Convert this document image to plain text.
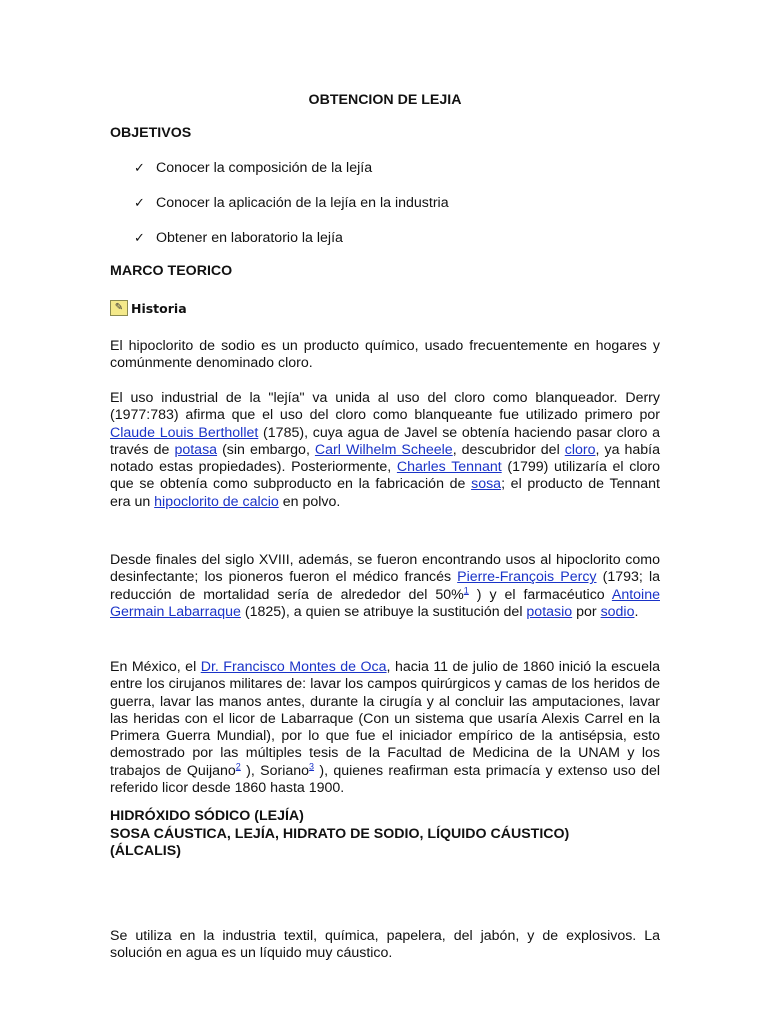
OBTENCION DE LEJIA
OBJETIVOS
✓ Conocer la composición de la lejía
✓ Conocer la aplicación de la lejía en la industria
✓ Obtener en laboratorio la lejía
MARCO TEORICO
✎ Historia

El hipoclorito de sodio es un producto químico, usado frecuentemente en hogares y comúnmente denominado cloro.

El uso industrial de la "lejía" va unida al uso del cloro como blanqueador. Derry (1977:783) afirma que el uso del cloro como blanqueante fue utilizado primero por Claude Louis Berthollet (1785), cuya agua de Javel se obtenía haciendo pasar cloro a través de potasa (sin embargo, Carl Wilhelm Scheele, descubridor del cloro, ya había notado estas propiedades). Posteriormente, Charles Tennant (1799) utilizaría el cloro que se obtenía como subproducto en la fabricación de sosa; el producto de Tennant era un hipoclorito de calcio en polvo.

Desde finales del siglo XVIII, además, se fueron encontrando usos al hipoclorito como desinfectante; los pioneros fueron el médico francés Pierre-François Percy (1793; la reducción de mortalidad sería de alrededor del 50%$^1$ ) y el farmacéutico Antoine Germain Labarraque (1825), a quien se atribuye la sustitución del potasio por sodio.

En México, el Dr. Francisco Montes de Oca, hacia 11 de julio de 1860 inició la escuela entre los cirujanos militares de: lavar los campos quirúrgicos y camas de los heridos de guerra, lavar las manos antes, durante la cirugía y al concluir las amputaciones, lavar las heridas con el licor de Labarraque (Con un sistema que usaría Alexis Carrel en la Primera Guerra Mundial), por lo que fue el iniciador empírico de la antisépsia, esto demostrado por las múltiples tesis de la Facultad de Medicina de la UNAM y los trabajos de Quijano$^2$ ), Soriano$^3$ ), quienes reafirman esta primacía y extenso uso del referido licor desde 1860 hasta 1900.

HIDRÓXIDO SÓDICO (LEJÍA)
SOSA CÁUSTICA, LEJÍA, HIDRATO DE SODIO, LÍQUIDO CÁUSTICO)
(ÁLCALIS)

Se utiliza en la industria textil, química, papelera, del jabón, y de explosivos. La solución en agua es un líquido muy cáustico.
